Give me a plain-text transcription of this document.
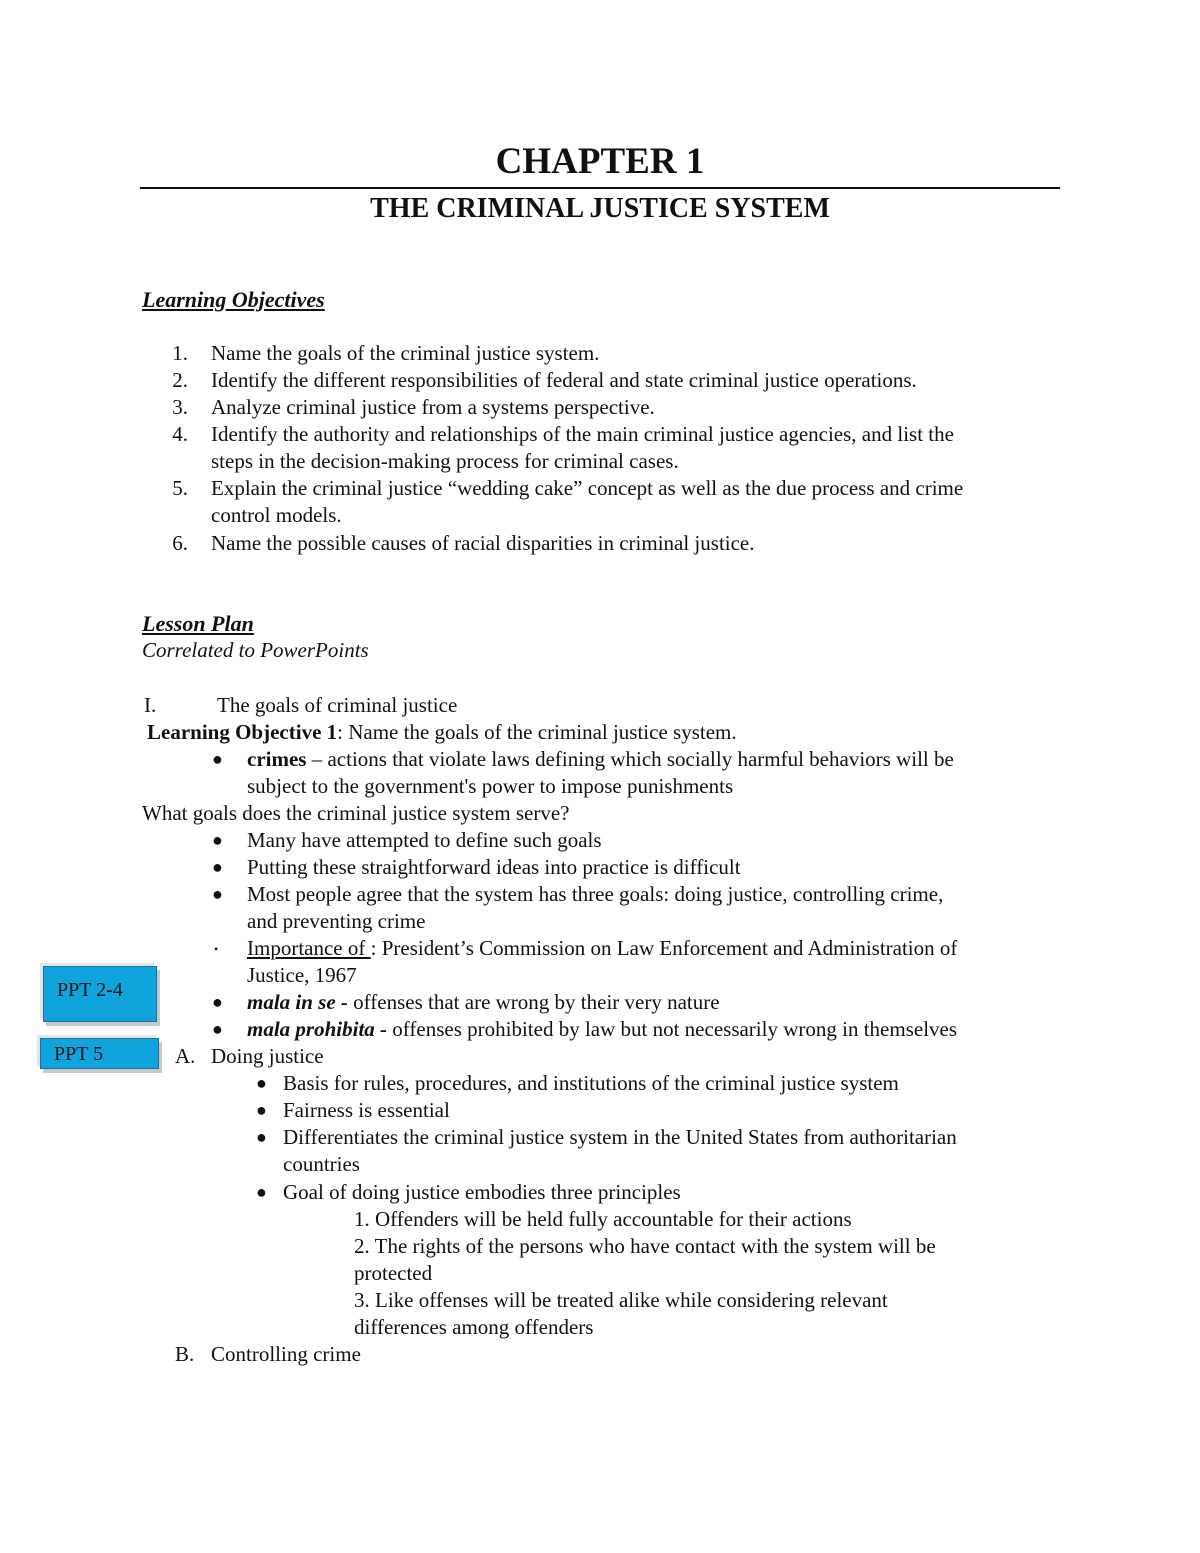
CHAPTER 1
THE CRIMINAL JUSTICE SYSTEM
Learning Objectives
1. Name the goals of the criminal justice system.
2. Identify the different responsibilities of federal and state criminal justice operations.
3. Analyze criminal justice from a systems perspective.
4. Identify the authority and relationships of the main criminal justice agencies, and list the
steps in the decision-making process for criminal cases.
5. Explain the criminal justice “wedding cake” concept as well as the due process and crime
control models.
6. Name the possible causes of racial disparities in criminal justice.
Lesson Plan
Correlated to PowerPoints
I.	The goals of criminal justice
Learning Objective 1: Name the goals of the criminal justice system.
● crimes – actions that violate laws defining which socially harmful behaviors will be
subject to the government's power to impose punishments
What goals does the criminal justice system serve?
● Many have attempted to define such goals
● Putting these straightforward ideas into practice is difficult
● Most people agree that the system has three goals: doing justice, controlling crime,
and preventing crime
• Importance of : President’s Commission on Law Enforcement and Administration of
Justice, 1967
● mala in se - offenses that are wrong by their very nature
● mala prohibita - offenses prohibited by law but not necessarily wrong in themselves
A. Doing justice
● Basis for rules, procedures, and institutions of the criminal justice system
● Fairness is essential
● Differentiates the criminal justice system in the United States from authoritarian
countries
● Goal of doing justice embodies three principles
1. Offenders will be held fully accountable for their actions
2. The rights of the persons who have contact with the system will be
protected
3. Like offenses will be treated alike while considering relevant
differences among offenders
B. Controlling crime
PPT 2-4
PPT 5
